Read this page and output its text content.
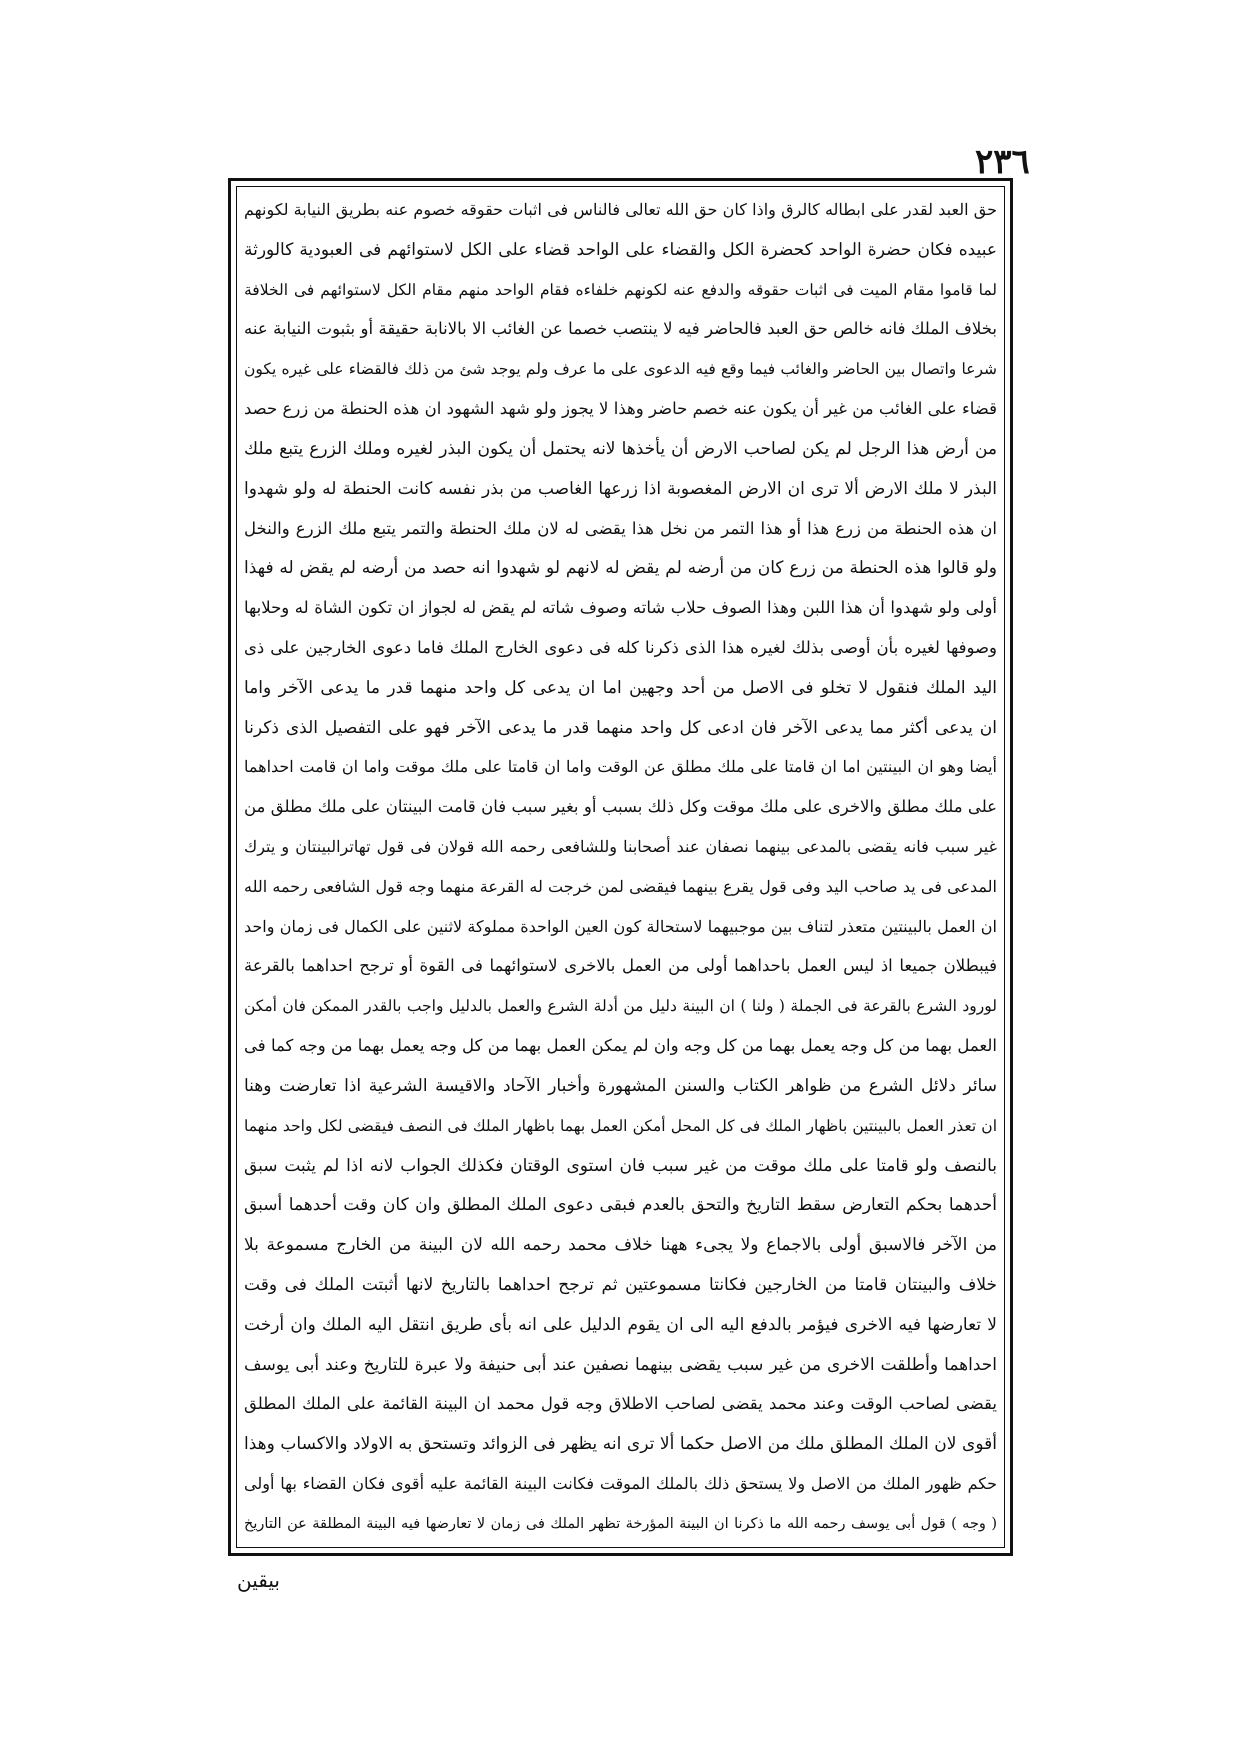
٢٣٦
حق العبد لقدر على ابطاله كالرق واذا كان حق الله تعالى فالناس فى اثبات حقوقه خصوم عنه بطريق النيابة لكونهم
عبيده فكان حضرة الواحد كحضرة الكل والقضاء على الواحد قضاء على الكل لاستوائهم فى العبودية كالورثة
لما قاموا مقام الميت فى اثبات حقوقه والدفع عنه لكونهم خلفاءه فقام الواحد منهم مقام الكل لاستوائهم فى الخلافة
بخلاف الملك فانه خالص حق العبد فالحاضر فيه لا ينتصب خصما عن الغائب الا بالانابة حقيقة أو بثبوت النيابة عنه
شرعا واتصال بين الحاضر والغائب فيما وقع فيه الدعوى على ما عرف ولم يوجد شئ من ذلك فالقضاء على غيره يكون
قضاء على الغائب من غير أن يكون عنه خصم حاضر وهذا لا يجوز ولو شهد الشهود ان هذه الحنطة من زرع حصد
من أرض هذا الرجل لم يكن لصاحب الارض أن يأخذها لانه يحتمل أن يكون البذر لغيره وملك الزرع يتبع ملك
البذر لا ملك الارض ألا ترى ان الارض المغصوبة اذا زرعها الغاصب من بذر نفسه كانت الحنطة له ولو شهدوا
ان هذه الحنطة من زرع هذا أو هذا التمر من نخل هذا يقضى له لان ملك الحنطة والتمر يتبع ملك الزرع والنخل
ولو قالوا هذه الحنطة من زرع كان من أرضه لم يقض له لانهم لو شهدوا انه حصد من أرضه لم يقض له فهذا
أولى ولو شهدوا أن هذا اللبن وهذا الصوف حلاب شاته وصوف شاته لم يقض له لجواز ان تكون الشاة له وحلابها
وصوفها لغيره بأن أوصى بذلك لغيره هذا الذى ذكرنا كله فى دعوى الخارج الملك فاما دعوى الخارجين على ذى
اليد الملك فنقول لا تخلو فى الاصل من أحد وجهين اما ان يدعى كل واحد منهما قدر ما يدعى الآخر واما
ان يدعى أكثر مما يدعى الآخر فان ادعى كل واحد منهما قدر ما يدعى الآخر فهو على التفصيل الذى ذكرنا
أيضا وهو ان البينتين اما ان قامتا على ملك مطلق عن الوقت واما ان قامتا على ملك موقت واما ان قامت احداهما
على ملك مطلق والاخرى على ملك موقت وكل ذلك بسبب أو بغير سبب فان قامت البينتان على ملك مطلق من
غير سبب فانه يقضى بالمدعى بينهما نصفان عند أصحابنا وللشافعى رحمه الله قولان فى قول تهاترالبينتان و يترك
المدعى فى يد صاحب اليد وفى قول يقرع بينهما فيقضى لمن خرجت له القرعة منهما وجه قول الشافعى رحمه الله
ان العمل بالبينتين متعذر لتناف بين موجبيهما لاستحالة كون العين الواحدة مملوكة لاثنين على الكمال فى زمان واحد
فيبطلان جميعا اذ ليس العمل باحداهما أولى من العمل بالاخرى لاستوائهما فى القوة أو ترجح احداهما بالقرعة
لورود الشرع بالقرعة فى الجملة ( ولنا ) ان البينة دليل من أدلة الشرع والعمل بالدليل واجب بالقدر الممكن فان أمكن
العمل بهما من كل وجه يعمل بهما من كل وجه وان لم يمكن العمل بهما من كل وجه يعمل بهما من وجه كما فى
سائر دلائل الشرع من ظواهر الكتاب والسنن المشهورة وأخبار الآحاد والاقيسة الشرعية اذا تعارضت وهنا
ان تعذر العمل بالبينتين باظهار الملك فى كل المحل أمكن العمل بهما باظهار الملك فى النصف فيقضى لكل واحد منهما
بالنصف ولو قامتا على ملك موقت من غير سبب فان استوى الوقتان فكذلك الجواب لانه اذا لم يثبت سبق
أحدهما بحكم التعارض سقط التاريخ والتحق بالعدم فبقى دعوى الملك المطلق وان كان وقت أحدهما أسبق
من الآخر فالاسبق أولى بالاجماع ولا يجىء ههنا خلاف محمد رحمه الله لان البينة من الخارج مسموعة بلا
خلاف والبينتان قامتا من الخارجين فكانتا مسموعتين ثم ترجح احداهما بالتاريخ لانها أثبتت الملك فى وقت
لا تعارضها فيه الاخرى فيؤمر بالدفع اليه الى ان يقوم الدليل على انه بأى طريق انتقل اليه الملك وان أرخت
احداهما وأطلقت الاخرى من غير سبب يقضى بينهما نصفين عند أبى حنيفة ولا عبرة للتاريخ وعند أبى يوسف
يقضى لصاحب الوقت وعند محمد يقضى لصاحب الاطلاق وجه قول محمد ان البينة القائمة على الملك المطلق
أقوى لان الملك المطلق ملك من الاصل حكما ألا ترى انه يظهر فى الزوائد وتستحق به الاولاد والاكساب وهذا
حكم ظهور الملك من الاصل ولا يستحق ذلك بالملك الموقت فكانت البينة القائمة عليه أقوى فكان القضاء بها أولى
( وجه ) قول أبى يوسف رحمه الله ما ذكرنا ان البينة المؤرخة تظهر الملك فى زمان لا تعارضها فيه البينة المطلقة عن التاريخ
بيقين
